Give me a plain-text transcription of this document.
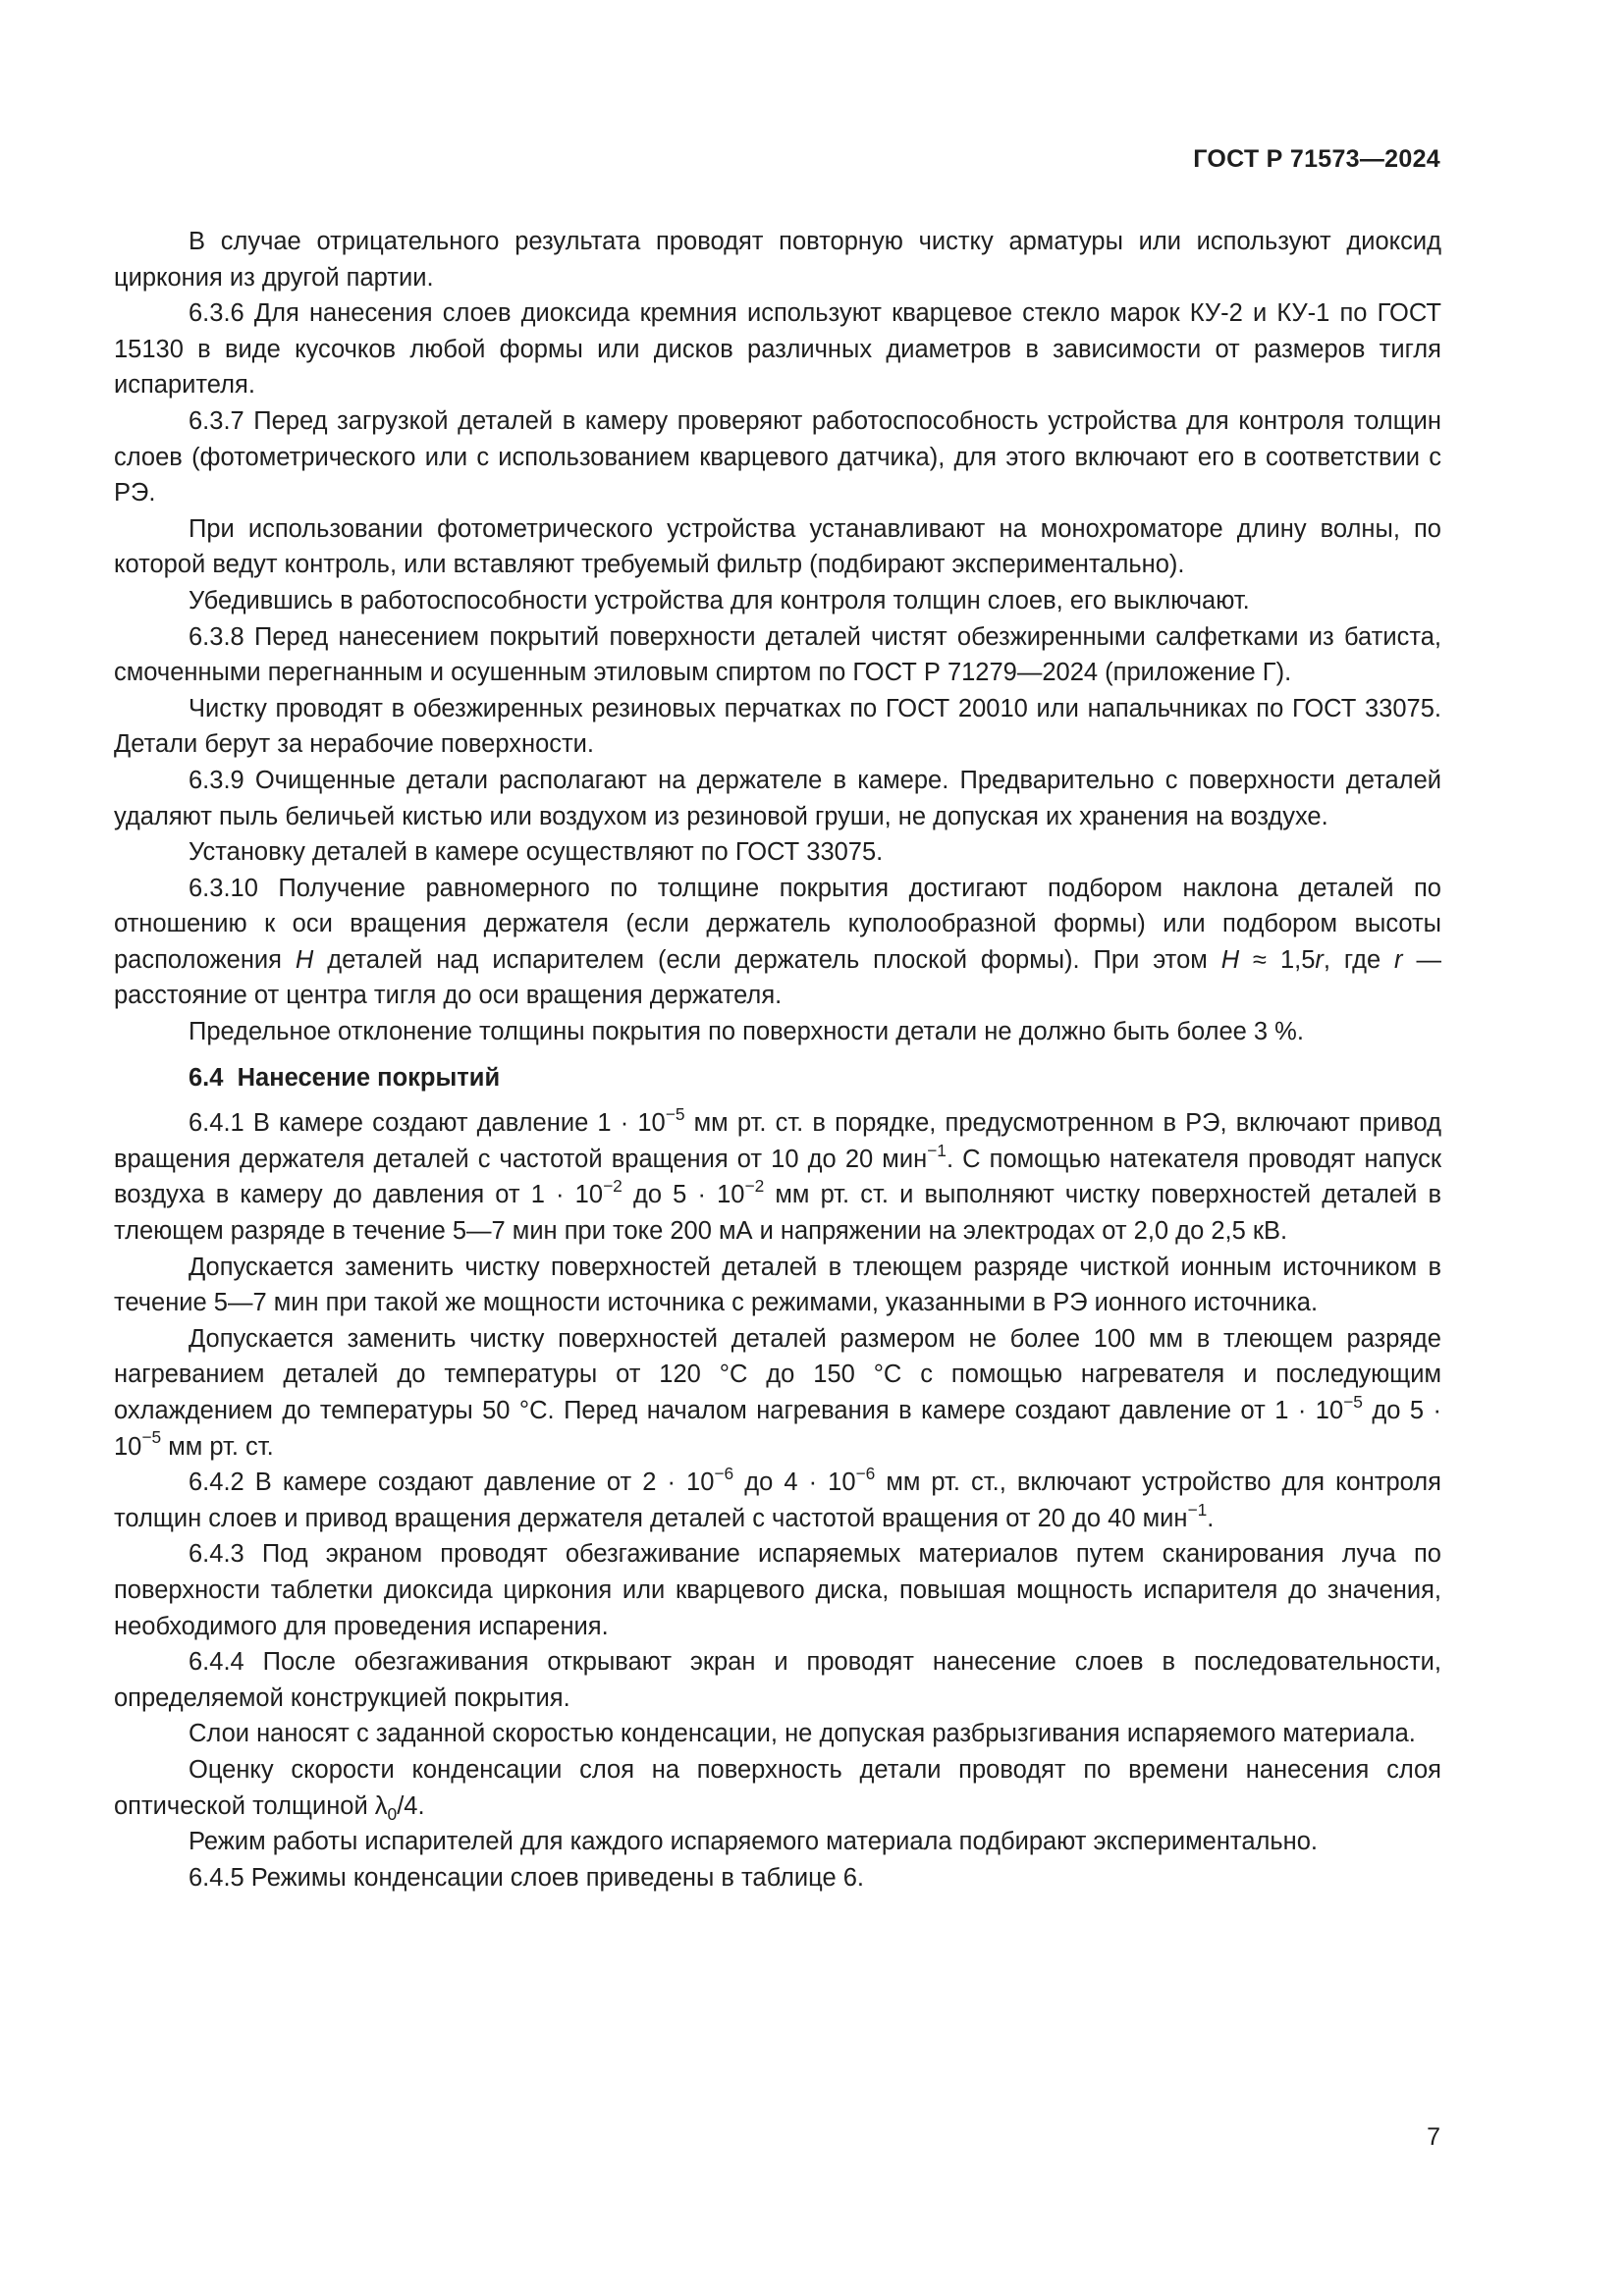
ГОСТ Р 71573—2024

В случае отрицательного результата проводят повторную чистку арматуры или используют диоксид циркония из другой партии.

6.3.6 Для нанесения слоев диоксида кремния используют кварцевое стекло марок КУ-2 и КУ-1 по ГОСТ 15130 в виде кусочков любой формы или дисков различных диаметров в зависимости от размеров тигля испарителя.

6.3.7 Перед загрузкой деталей в камеру проверяют работоспособность устройства для контроля толщин слоев (фотометрического или с использованием кварцевого датчика), для этого включают его в соответствии с РЭ.

При использовании фотометрического устройства устанавливают на монохроматоре длину волны, по которой ведут контроль, или вставляют требуемый фильтр (подбирают экспериментально).

Убедившись в работоспособности устройства для контроля толщин слоев, его выключают.

6.3.8 Перед нанесением покрытий поверхности деталей чистят обезжиренными салфетками из батиста, смоченными перегнанным и осушенным этиловым спиртом по ГОСТ Р 71279—2024 (приложение Г).

Чистку проводят в обезжиренных резиновых перчатках по ГОСТ 20010 или напальчниках по ГОСТ 33075. Детали берут за нерабочие поверхности.

6.3.9 Очищенные детали располагают на держателе в камере. Предварительно с поверхности деталей удаляют пыль беличьей кистью или воздухом из резиновой груши, не допуская их хранения на воздухе.

Установку деталей в камере осуществляют по ГОСТ 33075.

6.3.10 Получение равномерного по толщине покрытия достигают подбором наклона деталей по отношению к оси вращения держателя (если держатель куполообразной формы) или подбором высоты расположения H деталей над испарителем (если держатель плоской формы). При этом H ≈ 1,5r, где r — расстояние от центра тигля до оси вращения держателя.

Предельное отклонение толщины покрытия по поверхности детали не должно быть более 3 %.

6.4 Нанесение покрытий

6.4.1 В камере создают давление $1 \cdot 10^{-5}$ мм рт. ст. в порядке, предусмотренном в РЭ, включают привод вращения держателя деталей с частотой вращения от 10 до 20 мин$^{-1}$. С помощью натекателя проводят напуск воздуха в камеру до давления от $1 \cdot 10^{-2}$ до $5 \cdot 10^{-2}$ мм рт. ст. и выполняют чистку поверхностей деталей в тлеющем разряде в течение 5—7 мин при токе 200 мА и напряжении на электродах от 2,0 до 2,5 кВ.

Допускается заменить чистку поверхностей деталей в тлеющем разряде чисткой ионным источником в течение 5—7 мин при такой же мощности источника с режимами, указанными в РЭ ионного источника.

Допускается заменить чистку поверхностей деталей размером не более 100 мм в тлеющем разряде нагреванием деталей до температуры от 120 °С до 150 °С с помощью нагревателя и последующим охлаждением до температуры 50 °С. Перед началом нагревания в камере создают давление от $1 \cdot 10^{-5}$ до $5 \cdot 10^{-5}$ мм рт. ст.

6.4.2 В камере создают давление от $2 \cdot 10^{-6}$ до $4 \cdot 10^{-6}$ мм рт. ст., включают устройство для контроля толщин слоев и привод вращения держателя деталей с частотой вращения от 20 до 40 мин$^{-1}$.

6.4.3 Под экраном проводят обезгаживание испаряемых материалов путем сканирования луча по поверхности таблетки диоксида циркония или кварцевого диска, повышая мощность испарителя до значения, необходимого для проведения испарения.

6.4.4 После обезгаживания открывают экран и проводят нанесение слоев в последовательности, определяемой конструкцией покрытия.

Слои наносят с заданной скоростью конденсации, не допуская разбрызгивания испаряемого материала.

Оценку скорости конденсации слоя на поверхность детали проводят по времени нанесения слоя оптической толщиной $\lambda_0/4$.

Режим работы испарителей для каждого испаряемого материала подбирают экспериментально.

6.4.5 Режимы конденсации слоев приведены в таблице 6.

7
